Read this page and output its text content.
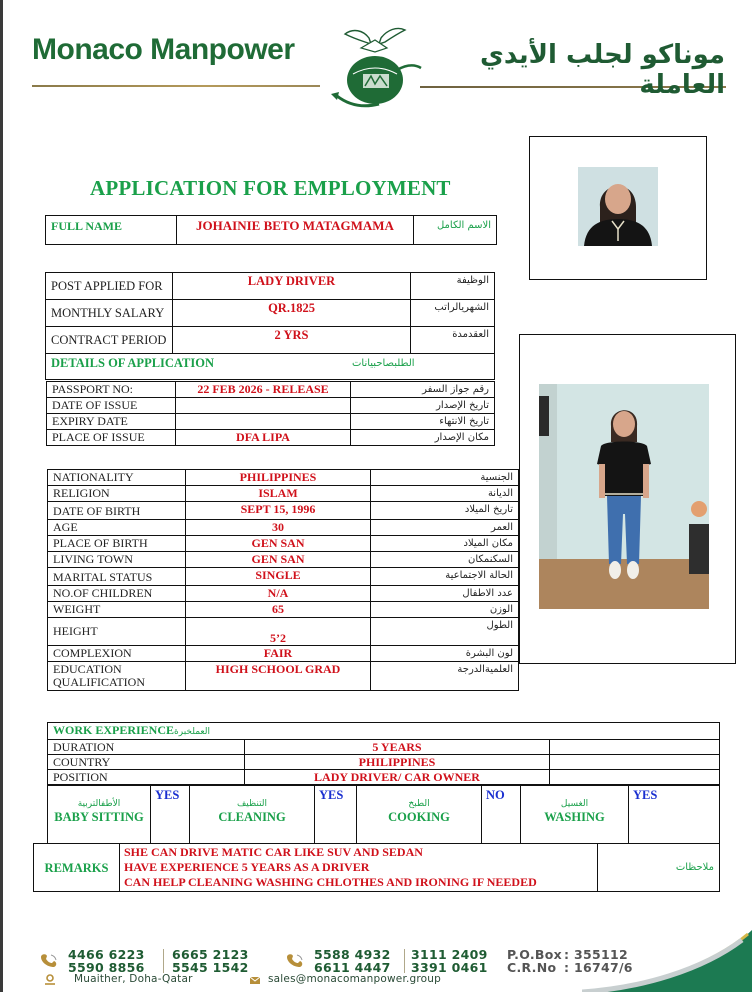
Monaco Manpower	موناكو لجلب الأيدي العاملة
APPLICATION FOR EMPLOYMENT
FULL NAME	JOHAINIE BETO MATAGMAMA	الاسم الكامل
POST APPLIED FOR	LADY DRIVER	الوظيفة
MONTHLY SALARY	QR.1825	الشهريالراتب
CONTRACT PERIOD	2 YRS	العقدمدة
DETAILS OF APPLICATION الطلبصاحبيانات		
PASSPORT NO:	22 FEB 2026 - RELEASE	رقم جواز السفر
DATE OF ISSUE		تاريخ الإصدار
EXPIRY DATE		تاريخ الانتهاء
PLACE OF ISSUE	DFA LIPA	مكان الإصدار
NATIONALITY	PHILIPPINES	الجنسية
RELIGION	ISLAM	الديانة
DATE OF BIRTH	SEPT 15, 1996	تاريخ الميلاد
AGE	30	العمر
PLACE OF BIRTH	GEN SAN	مكان الميلاد
LIVING TOWN	GEN SAN	السكنمكان
MARITAL STATUS	SINGLE	الحالة الاجتماعية
NO.OF CHILDREN	N/A	عدد الاطفال
WEIGHT	65	الوزن
HEIGHT	5’2	الطول
COMPLEXION	FAIR	لون البشرة
EDUCATION QUALIFICATION	HIGH SCHOOL GRAD	العلميةالدرجة
WORK EXPERIENCEالعملخبرة		
DURATION	5 YEARS	
COUNTRY	PHILIPPINES	
POSITION	LADY DRIVER/ CAR OWNER	
الأطفالتربية
BABY SITTING	YES	
التنظيف
CLEANING	YES	
الطبخ
COOKING	NO	
الغسيل
WASHING	YES
REMARKS	
SHE CAN DRIVE MATIC CAR LIKE SUV AND SEDAN
HAVE EXPERIENCE 5 YEARS AS A DRIVER
CAN HELP CLEANING WASHING CHLOTHES AND IRONING IF NEEDED
	ملاحظات
4466 6223
5590 8856
6665 2123
5545 1542
5588 4932
6611 4447
3111 2409
3391 0461
P.O.Box : 355112
C.R.No : 16747/6
Muaither, Doha-Qatar	sales@monacomanpower.group
